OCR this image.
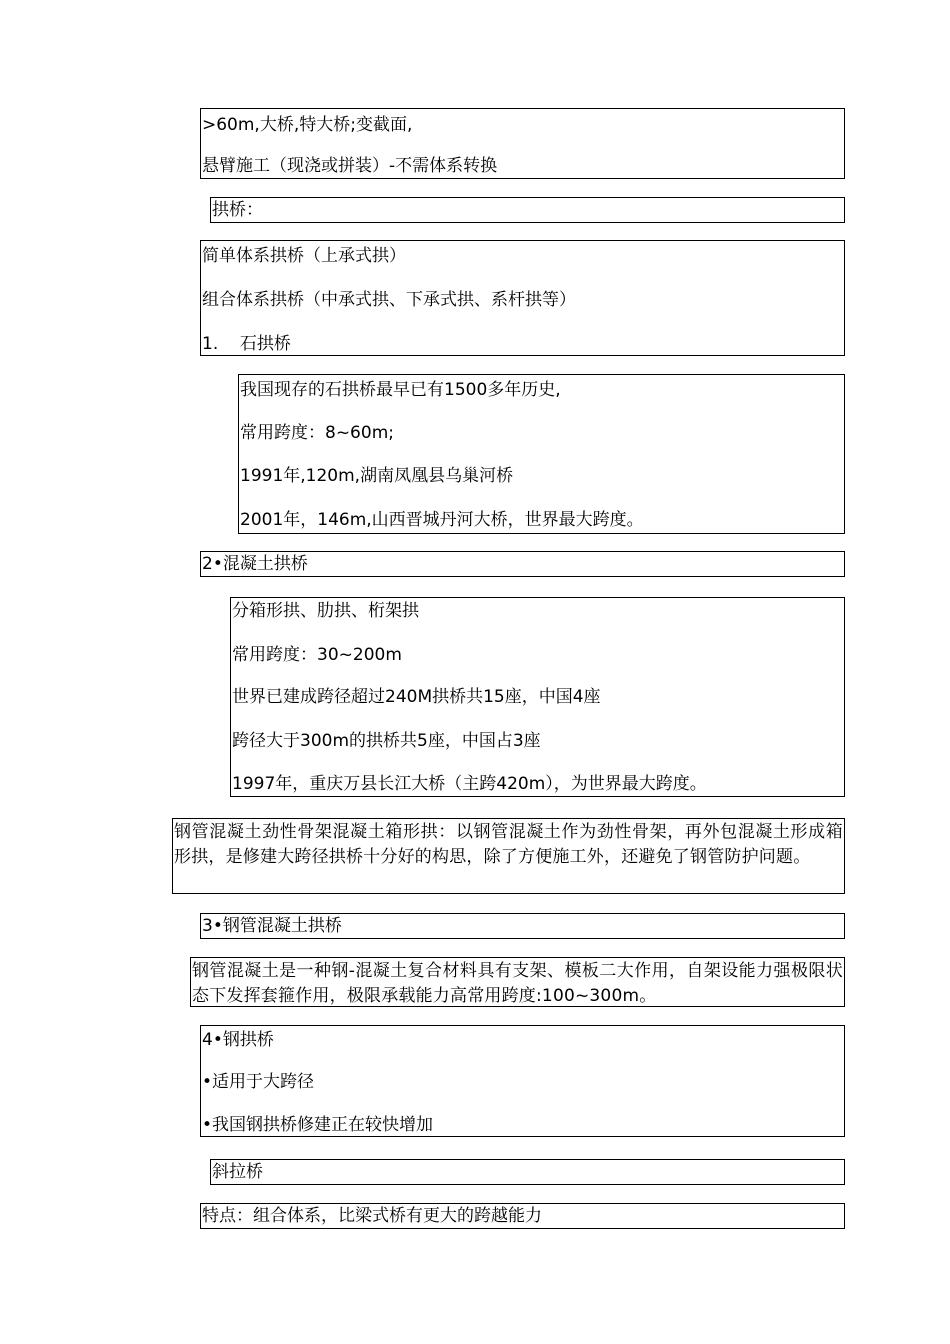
>60m,大桥,特大桥;变截面,
悬臂施工（现浇或拼装）-不需体系转换
拱桥：
简单体系拱桥（上承式拱）
组合体系拱桥（中承式拱、下承式拱、系杆拱等）
1.    石拱桥
我国现存的石拱桥最早已有1500多年历史,
常用跨度：8~60m;
1991年,120m,湖南凤凰县乌巢河桥
2001年，146m,山西晋城丹河大桥，世界最大跨度。
2•混凝土拱桥
分箱形拱、肋拱、桁架拱
常用跨度：30~200m
世界已建成跨径超过240M拱桥共15座，中国4座
跨径大于300m的拱桥共5座，中国占3座
1997年，重庆万县长江大桥（主跨420m），为世界最大跨度。
钢管混凝土劲性骨架混凝土箱形拱：以钢管混凝土作为劲性骨架，再外包混凝土形成箱形拱，是修建大跨径拱桥十分好的构思，除了方便施工外，还避免了钢管防护问题。
3•钢管混凝土拱桥
钢管混凝土是一种钢-混凝土复合材料具有支架、模板二大作用，自架设能力强极限状态下发挥套箍作用，极限承载能力高常用跨度:100~300m。
4•钢拱桥
•适用于大跨径
•我国钢拱桥修建正在较快增加
斜拉桥
特点：组合体系，比梁式桥有更大的跨越能力
